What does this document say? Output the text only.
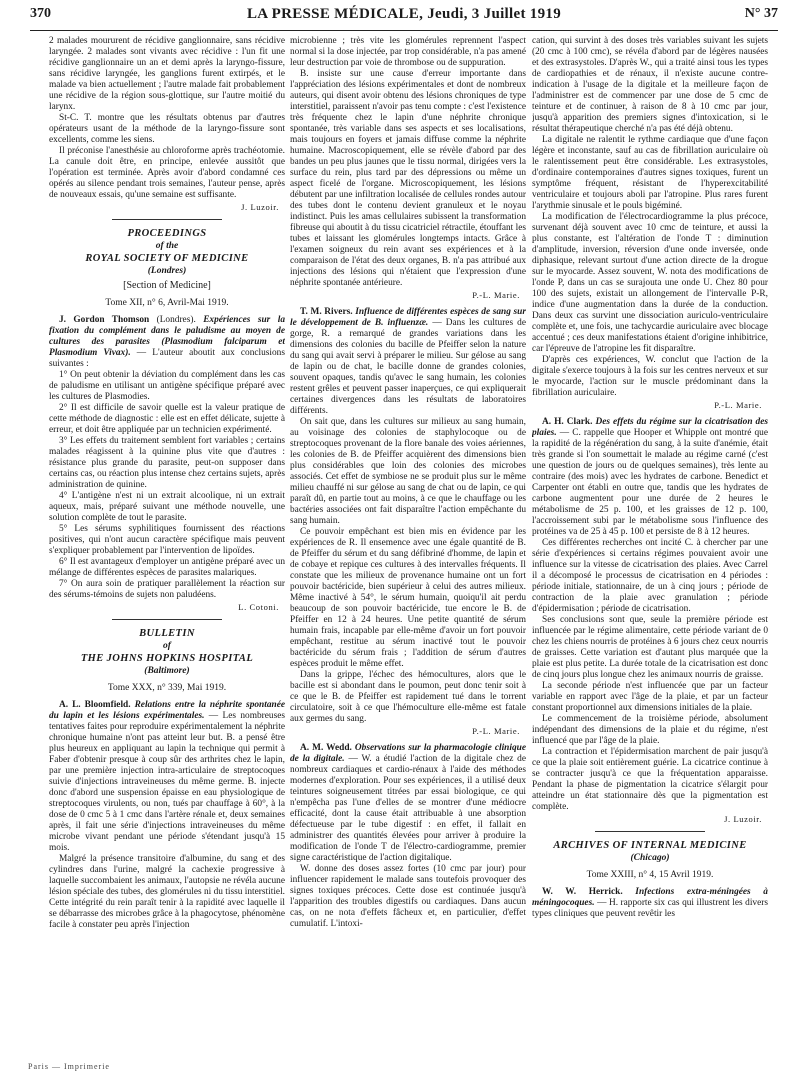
370	LA PRESSE MÉDICALE, Jeudi, 3 Juillet 1919	N° 37

2 malades moururent de récidive ganglionnaire, sans récidive laryngée. 2 malades sont vivants avec récidive : l'un fit une récidive ganglionnaire un an et demi après la laryngo-fissure, sans récidive laryngée, les ganglions furent extirpés, et le malade va bien actuellement ; l'autre malade fait probablement une récidive de la région sous-glottique, sur l'autre moitié du larynx.

St-C. T. montre que les résultats obtenus par d'autres opérateurs usant de la méthode de la laryngo-fissure sont excellents, comme les siens.

Il préconise l'anesthésie au chloroforme après trachéotomie. La canule doit être, en principe, enlevée aussitôt que l'opération est terminée. Après avoir d'abord condamné ces opérés au silence pendant trois semaines, l'auteur pense, après de nouveaux essais, qu'une semaine est suffisante.

J. Luzoir.
PROCEEDINGS
of the
ROYAL SOCIETY OF MEDICINE
(Londres)
[Section of Medicine]
Tome XII, n° 6, Avril-Mai 1919.

J. Gordon Thomson (Londres). Expériences sur la fixation du complément dans le paludisme au moyen de cultures des parasites (Plasmodium falciparum et Plasmodium Vivax). — L'auteur aboutit aux conclusions suivantes :

1° On peut obtenir la déviation du complément dans les cas de paludisme en utilisant un antigène spécifique préparé avec les cultures de Plasmodies.

2° Il est difficile de savoir quelle est la valeur pratique de cette méthode de diagnostic : elle est en effet délicate, sujette à erreur, et doit être appliquée par un technicien expérimenté.

3° Les effets du traitement semblent fort variables ; certains malades réagissent à la quinine plus vite que d'autres : résistance plus grande du parasite, peut-on supposer dans certains cas, ou réaction plus intense chez certains sujets, après administration de quinine.

4° L'antigène n'est ni un extrait alcoolique, ni un extrait aqueux, mais, préparé suivant une méthode nouvelle, une solution complète de tout le parasite.

5° Les sérums syphilitiques fournissent des réactions positives, qui n'ont aucun caractère spécifique mais peuvent s'expliquer probablement par l'intervention de lipoïdes.

6° Il est avantageux d'employer un antigène préparé avec un mélange de différentes espèces de parasites malariques.

7° On aura soin de pratiquer parallèlement la réaction sur des sérums-témoins de sujets non paludéens.

L. Cotoni.
BULLETIN
of
THE JOHNS HOPKINS HOSPITAL
(Baltimore)
Tome XXX, n° 339, Mai 1919.

A. L. Bloomfield. Relations entre la néphrite spontanée du lapin et les lésions expérimentales. — Les nombreuses tentatives faites pour reproduire expérimentalement la néphrite chronique humaine n'ont pas atteint leur but. B. a pensé être plus heureux en appliquant au lapin la technique qui permit à Faber d'obtenir presque à coup sûr des arthrites chez le lapin, par une première injection intra-articulaire de streptocoques suivie d'injections intraveineuses du même germe. B. injecte donc d'abord une suspension épaisse en eau physiologique de streptocoques virulents, ou non, tués par chauffage à 60°, à la dose de 0 cmc 5 à 1 cmc dans l'artère rénale et, deux semaines après, il fait une série d'injections intraveineuses du même microbe vivant pendant une période s'étendant jusqu'à 15 mois.

Malgré la présence transitoire d'albumine, du sang et des cylindres dans l'urine, malgré la cachexie progressive à laquelle succombaient les animaux, l'autopsie ne révéla aucune lésion spéciale des tubes, des glomérules ni du tissu interstitiel. Cette intégrité du rein paraît tenir à la rapidité avec laquelle il se débarrasse des microbes grâce à la phagocytose, phénomène facile à constater peu après l'injection

microbienne ; très vite les glomérules reprennent l'aspect normal si la dose injectée, par trop considérable, n'a pas amené leur destruction par voie de thrombose ou de suppuration.

B. insiste sur une cause d'erreur importante dans l'appréciation des lésions expérimentales et dont de nombreux auteurs, qui disent avoir obtenu des lésions chroniques de type interstitiel, paraissent n'avoir pas tenu compte : c'est l'existence très fréquente chez le lapin d'une néphrite chronique spontanée, très variable dans ses aspects et ses localisations, mais toujours en foyers et jamais diffuse comme la néphrite humaine. Macroscopiquement, elle se révèle d'abord par des bandes un peu plus jaunes que le tissu normal, dirigées vers la surface du rein, plus tard par des dépressions ou même un aspect ficelé de l'organe. Microscopiquement, les lésions débutent par une infiltration localisée de cellules rondes autour des tubes dont le contenu devient granuleux et le noyau indistinct. Puis les amas cellulaires subissent la transformation fibreuse qui aboutit à du tissu cicatriciel rétractile, étouffant les tubes et laissant les glomérules longtemps intacts. Grâce à l'examen soigneux du rein avant ses expériences et à la comparaison de l'état des deux organes, B. n'a pas attribué aux injections des lésions qui n'étaient que l'expression d'une néphrite spontanée antérieure.

P.-L. Marie.

T. M. Rivers. Influence de différentes espèces de sang sur le développement de B. influenzæ. — Dans les cultures de gorge, R. a remarqué de grandes variations dans les dimensions des colonies du bacille de Pfeiffer selon la nature du sang qui avait servi à préparer le milieu. Sur gélose au sang de lapin ou de chat, le bacille donne de grandes colonies, souvent opaques, tandis qu'avec le sang humain, les colonies restent grêles et peuvent passer inaperçues, ce qui expliquerait certaines divergences dans les résultats de laboratoires différents.

On sait que, dans les cultures sur milieux au sang humain, au voisinage des colonies de staphylocoque ou de streptocoques provenant de la flore banale des voies aériennes, les colonies de B. de Pfeiffer acquièrent des dimensions bien plus considérables que loin des colonies des microbes associés. Cet effet de symbiose ne se produit plus sur le même milieu chauffé ni sur gélose au sang de chat ou de lapin, ce qui paraît dû, en partie tout au moins, à ce que le chauffage ou les bactéries associées ont fait disparaître l'action empêchante du sang humain.

Ce pouvoir empêchant est bien mis en évidence par les expériences de R. Il ensemence avec une égale quantité de B. de Pfeiffer du sérum et du sang défibriné d'homme, de lapin et de cobaye et repique ces cultures à des intervalles fréquents. Il constate que les milieux de provenance humaine ont un fort pouvoir bactéricide, bien supérieur à celui des autres milieux. Même inactivé à 54°, le sérum humain, quoiqu'il ait perdu beaucoup de son pouvoir bactéricide, tue encore le B. de Pfeiffer en 12 à 24 heures. Une petite quantité de sérum humain frais, incapable par elle-même d'avoir un fort pouvoir empêchant, restitue au sérum inactivé tout le pouvoir bactéricide du sérum frais ; l'addition de sérum d'autres espèces produit le même effet.

Dans la grippe, l'échec des hémocultures, alors que le bacille est si abondant dans le poumon, peut donc tenir soit à ce que le B. de Pfeiffer est rapidement tué dans le torrent circulatoire, soit à ce que l'hémoculture elle-même est fatale aux germes du sang.

P.-L. Marie.

A. M. Wedd. Observations sur la pharmacologie clinique de la digitale. — W. a étudié l'action de la digitale chez de nombreux cardiaques et cardio-rénaux à l'aide des méthodes modernes d'exploration. Pour ses expériences, il a utilisé deux teintures soigneusement titrées par essai biologique, ce qui n'empêcha pas l'une d'elles de se montrer d'une médiocre efficacité, dont la cause était attribuable à une absorption défectueuse par le tube digestif : en effet, il fallait en administrer des quantités élevées pour arriver à produire la modification de l'onde T de l'électro-cardiogramme, premier signe caractéristique de l'action digitalique.

W. donne des doses assez fortes (10 cmc par jour) pour influencer rapidement le malade sans toutefois provoquer des signes toxiques précoces. Cette dose est continuée jusqu'à l'apparition des troubles digestifs ou cardiaques. Dans aucun cas, on ne nota d'effets fâcheux et, en particulier, d'effet cumulatif. L'intoxi-

cation, qui survint à des doses très variables suivant les sujets (20 cmc à 100 cmc), se révéla d'abord par de légères nausées et des extrasystoles. D'après W., qui a traité ainsi tous les types de cardiopathies et de rénaux, il n'existe aucune contre-indication à l'usage de la digitale et la meilleure façon de l'administrer est de commencer par une dose de 5 cmc de teinture et de continuer, à raison de 8 à 10 cmc par jour, jusqu'à apparition des premiers signes d'intoxication, si le résultat thérapeutique cherché n'a pas été déjà obtenu.

La digitale ne ralentit le rythme cardiaque que d'une façon légère et inconstante, sauf au cas de fibrillation auriculaire où le ralentissement peut être considérable. Les extrasystoles, d'ordinaire contemporaines d'autres signes toxiques, furent un symptôme fréquent, résistant de l'hyperexcitabilité ventriculaire et toujours aboli par l'atropine. Plus rares furent l'arythmie sinusale et le pouls bigéminé.

La modification de l'électrocardiogramme la plus précoce, survenant déjà souvent avec 10 cmc de teinture, et aussi la plus constante, est l'altération de l'onde T : diminution d'amplitude, inversion, réversion d'une onde inversée, onde diphasique, relevant surtout d'une action directe de la drogue sur le myocarde. Assez souvent, W. nota des modifications de l'onde P, dans un cas se surajouta une onde U. Chez 80 pour 100 des sujets, existait un allongement de l'intervalle P-R, indice d'une augmentation dans la durée de la conduction. Dans deux cas survint une dissociation auriculo-ventriculaire complète et, une fois, une tachycardie auriculaire avec blocage accentué ; ces deux manifestations étaient d'origine inhibitrice, car l'épreuve de l'atropine les fit disparaître.

D'après ces expériences, W. conclut que l'action de la digitale s'exerce toujours à la fois sur les centres nerveux et sur le myocarde, l'action sur le muscle prédominant dans la fibrillation auriculaire.

P.-L. Marie.

A. H. Clark. Des effets du régime sur la cicatrisation des plaies. — C. rappelle que Hooper et Whipple ont montré que la rapidité de la régénération du sang, à la suite d'anémie, était très grande si l'on soumettait le malade au régime carné (c'est une question de jours ou de quelques semaines), très lente au contraire (des mois) avec les hydrates de carbone. Benedict et Carpenter ont établi en outre que, tandis que les hydrates de carbone augmentent pour une durée de 2 heures le métabolisme de 25 p. 100, et les graisses de 12 p. 100, l'accroissement subi par le métabolisme sous l'influence des protéines va de 25 à 45 p. 100 et persiste de 8 à 12 heures.

Ces différentes recherches ont incité C. à chercher par une série d'expériences si certains régimes pouvaient avoir une influence sur la vitesse de cicatrisation des plaies. Avec Carrel il a décomposé le processus de cicatrisation en 4 périodes : période initiale, stationnaire, de un à cinq jours ; période de contraction de la plaie avec granulation ; période d'épidermisation ; période de cicatrisation.

Ses conclusions sont que, seule la première période est influencée par le régime alimentaire, cette période variant de 0 chez les chiens nourris de protéines à 6 jours chez ceux nourris de graisses. Cette variation est d'autant plus marquée que la plaie est plus petite. La durée totale de la cicatrisation est donc de cinq jours plus longue chez les animaux nourris de graisse.

La seconde période n'est influencée que par un facteur variable en rapport avec l'âge de la plaie, et par un facteur constant proportionnel aux dimensions initiales de la plaie.

Le commencement de la troisième période, absolument indépendant des dimensions de la plaie et du régime, n'est influencé que par l'âge de la plaie.

La contraction et l'épidermisation marchent de pair jusqu'à ce que la plaie soit entièrement guérie. La cicatrice continue à se contracter jusqu'à ce que la fréquentation apparaisse. Pendant la phase de pigmentation la cicatrice s'élargit pour atteindre un état stationnaire dès que la pigmentation est complète.

J. Luzoir.
ARCHIVES OF INTERNAL MEDICINE
(Chicago)
Tome XXIII, n° 4, 15 Avril 1919.

W. W. Herrick. Infections extra-méningées à méningocoques. — H. rapporte six cas qui illustrent les divers types cliniques que peuvent revêtir les

Paris — Imprimerie
